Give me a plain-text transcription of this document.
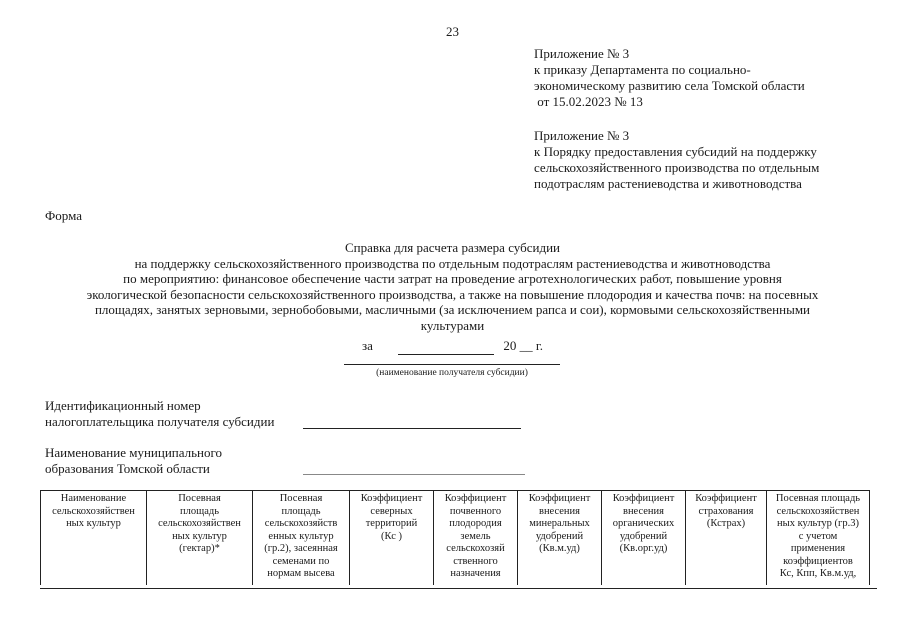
23
Приложение № 3
к приказу Департамента по социально-
экономическому развитию села Томской области
от 15.02.2023 № 13
Приложение № 3
к Порядку предоставления субсидий на поддержку
сельскохозяйственного производства по отдельным
подотраслям растениеводства и животноводства
Форма
Справка для расчета размера субсидии
на поддержку сельскохозяйственного производства по отдельным подотраслям растениеводства и животноводства
по мероприятию: финансовое обеспечение части затрат на проведение агротехнологических работ, повышение уровня
экологической безопасности сельскохозяйственного производства, а также на повышение плодородия и качества почв: на посевных
площадях, занятых зерновыми, зернобобовыми, масличными (за исключением рапса и сои), кормовыми сельскохозяйственными
культурами
за	20 __ г.
(наименование получателя субсидии)
Идентификационный номер
налогоплательщика получателя субсидии
Наименование муниципального
образования Томской области
Наименование
сельскохозяйствен
ных культур

Посевная
площадь
сельскохозяйствен
ных культур
(гектар)*

Посевная
площадь
сельскохозяйств
енных культур
(гр.2), засеянная
семенами по
нормам высева

Коэффициент
северных
территорий
(Кс )

Коэффициент
почвенного
плодородия
земель
сельскохозяй
ственного
назначения

Коэффициент
внесения
минеральных
удобрений
(Кв.м.уд)

Коэффициент
внесения
органических
удобрений
(Кв.орг.уд)

Коэффициент
страхования
(Кстрах)

Посевная площадь
сельскохозяйствен
ных культур (гр.3)
с учетом
применения
коэффициентов
Кс, Кпп, Кв.м.уд,
